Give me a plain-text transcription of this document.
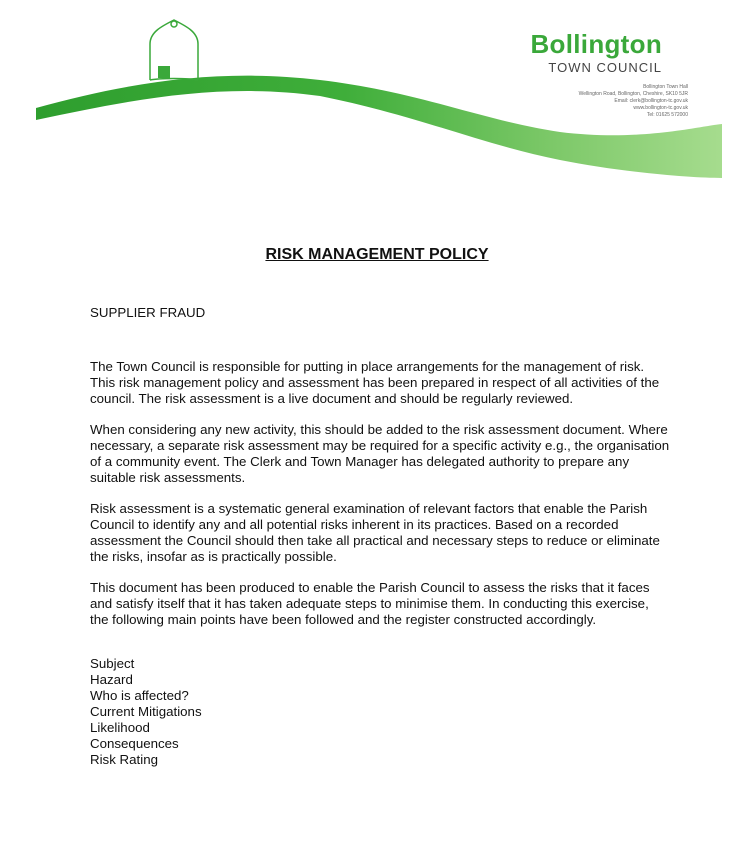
Bollington
TOWN COUNCIL
Bollington Town Hall
Wellington Road, Bollington, Cheshire, SK10 5JR
Email: clerk@bollington-tc.gov.uk
www.bollington-tc.gov.uk
Tel: 01625 572000
RISK MANAGEMENT POLICY

SUPPLIER FRAUD

The Town Council is responsible for putting in place arrangements for the management of risk.

This risk management policy and assessment has been prepared in respect of all activities of the council. The risk assessment is a live document and should be regularly reviewed.

When considering any new activity, this should be added to the risk assessment document. Where necessary, a separate risk assessment may be required for a specific activity e.g., the organisation of a community event. The Clerk and Town Manager has delegated authority to prepare any suitable risk assessments.

Risk assessment is a systematic general examination of relevant factors that enable the Parish Council to identify any and all potential risks inherent in its practices. Based on a recorded assessment the Council should then take all practical and necessary steps to reduce or eliminate the risks, insofar as is practically possible.

This document has been produced to enable the Parish Council to assess the risks that it faces and satisfy itself that it has taken adequate steps to minimise them. In conducting this exercise, the following main points have been followed and the register constructed accordingly.

Subject
Hazard
Who is affected?
Current Mitigations
Likelihood
Consequences
Risk Rating
